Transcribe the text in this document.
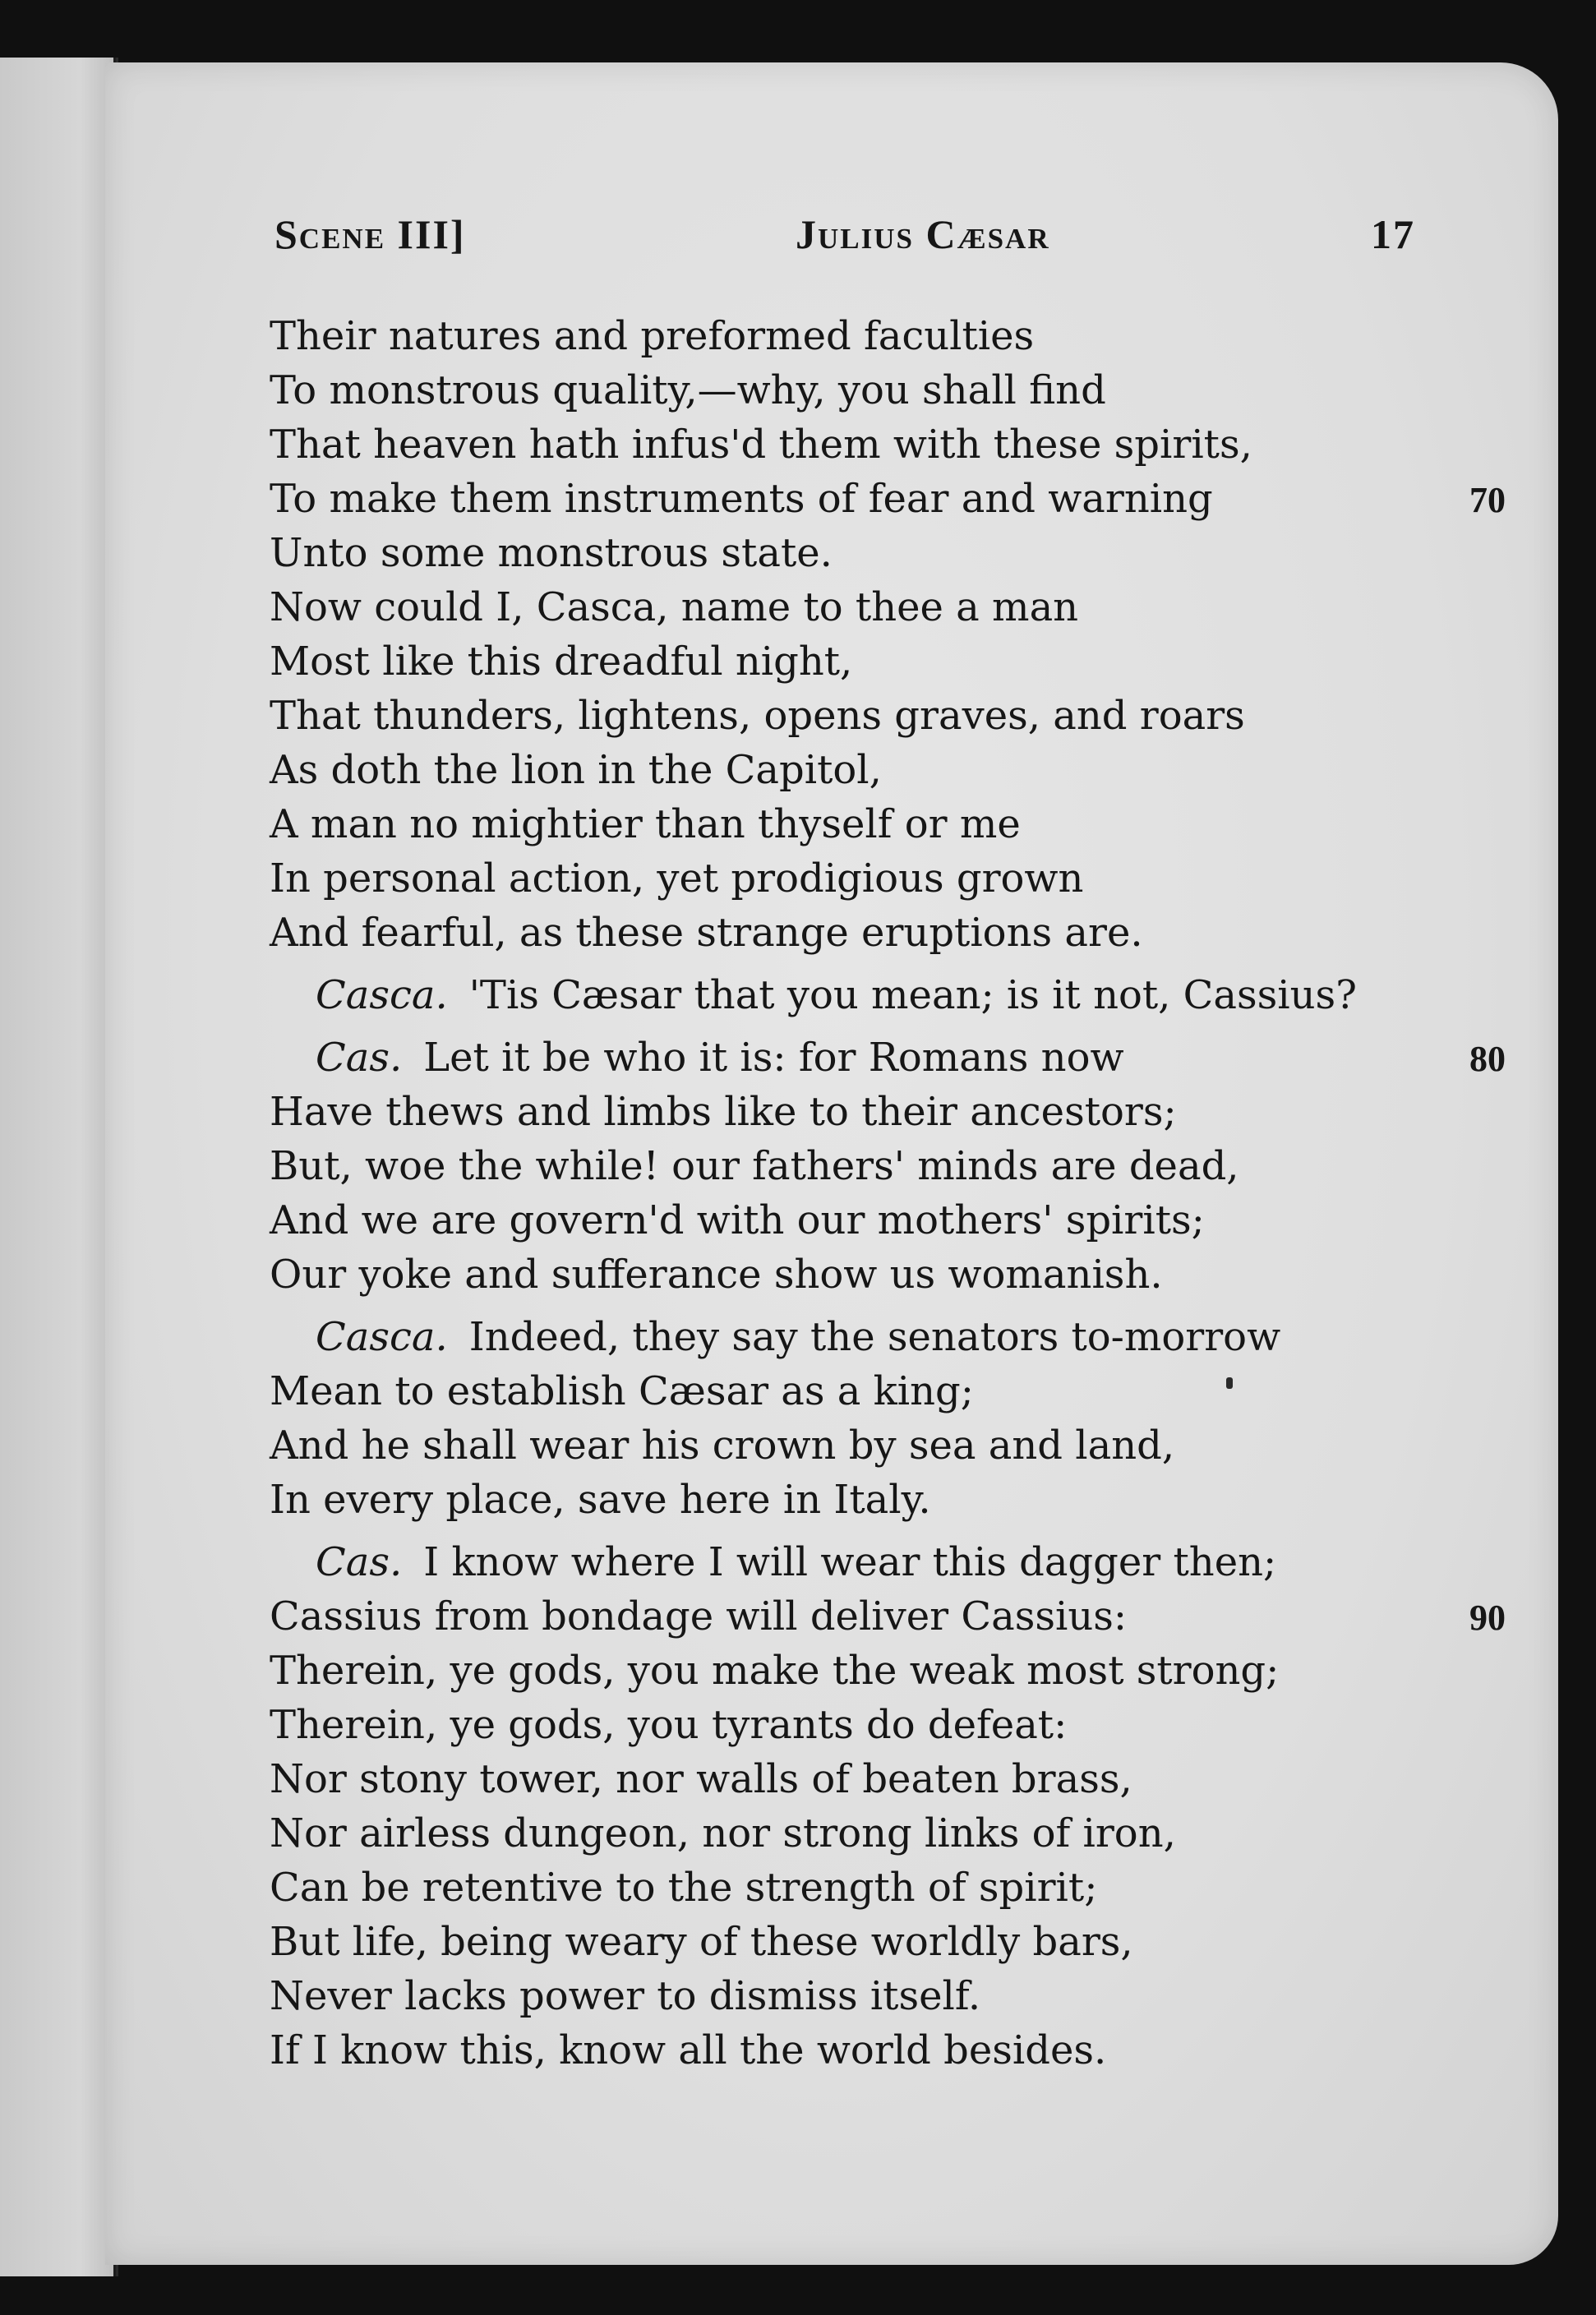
Scene III]	Julius Cæsar	17
Their natures and preformed faculties
To monstrous quality,—why, you shall find
That heaven hath infus'd them with these spirits,
To make them instruments of fear and warning	70
Unto some monstrous state.
Now could I, Casca, name to thee a man
Most like this dreadful night,
That thunders, lightens, opens graves, and roars
As doth the lion in the Capitol,
A man no mightier than thyself or me
In personal action, yet prodigious grown
And fearful, as these strange eruptions are.
Casca. 'Tis Cæsar that you mean; is it not, Cassius?
Cas. Let it be who it is: for Romans now	80
Have thews and limbs like to their ancestors;
But, woe the while! our fathers' minds are dead,
And we are govern'd with our mothers' spirits;
Our yoke and sufferance show us womanish.
Casca. Indeed, they say the senators to-morrow
Mean to establish Cæsar as a king;
And he shall wear his crown by sea and land,
In every place, save here in Italy.
Cas. I know where I will wear this dagger then;
Cassius from bondage will deliver Cassius:	90
Therein, ye gods, you make the weak most strong;
Therein, ye gods, you tyrants do defeat:
Nor stony tower, nor walls of beaten brass,
Nor airless dungeon, nor strong links of iron,
Can be retentive to the strength of spirit;
But life, being weary of these worldly bars,
Never lacks power to dismiss itself.
If I know this, know all the world besides.
